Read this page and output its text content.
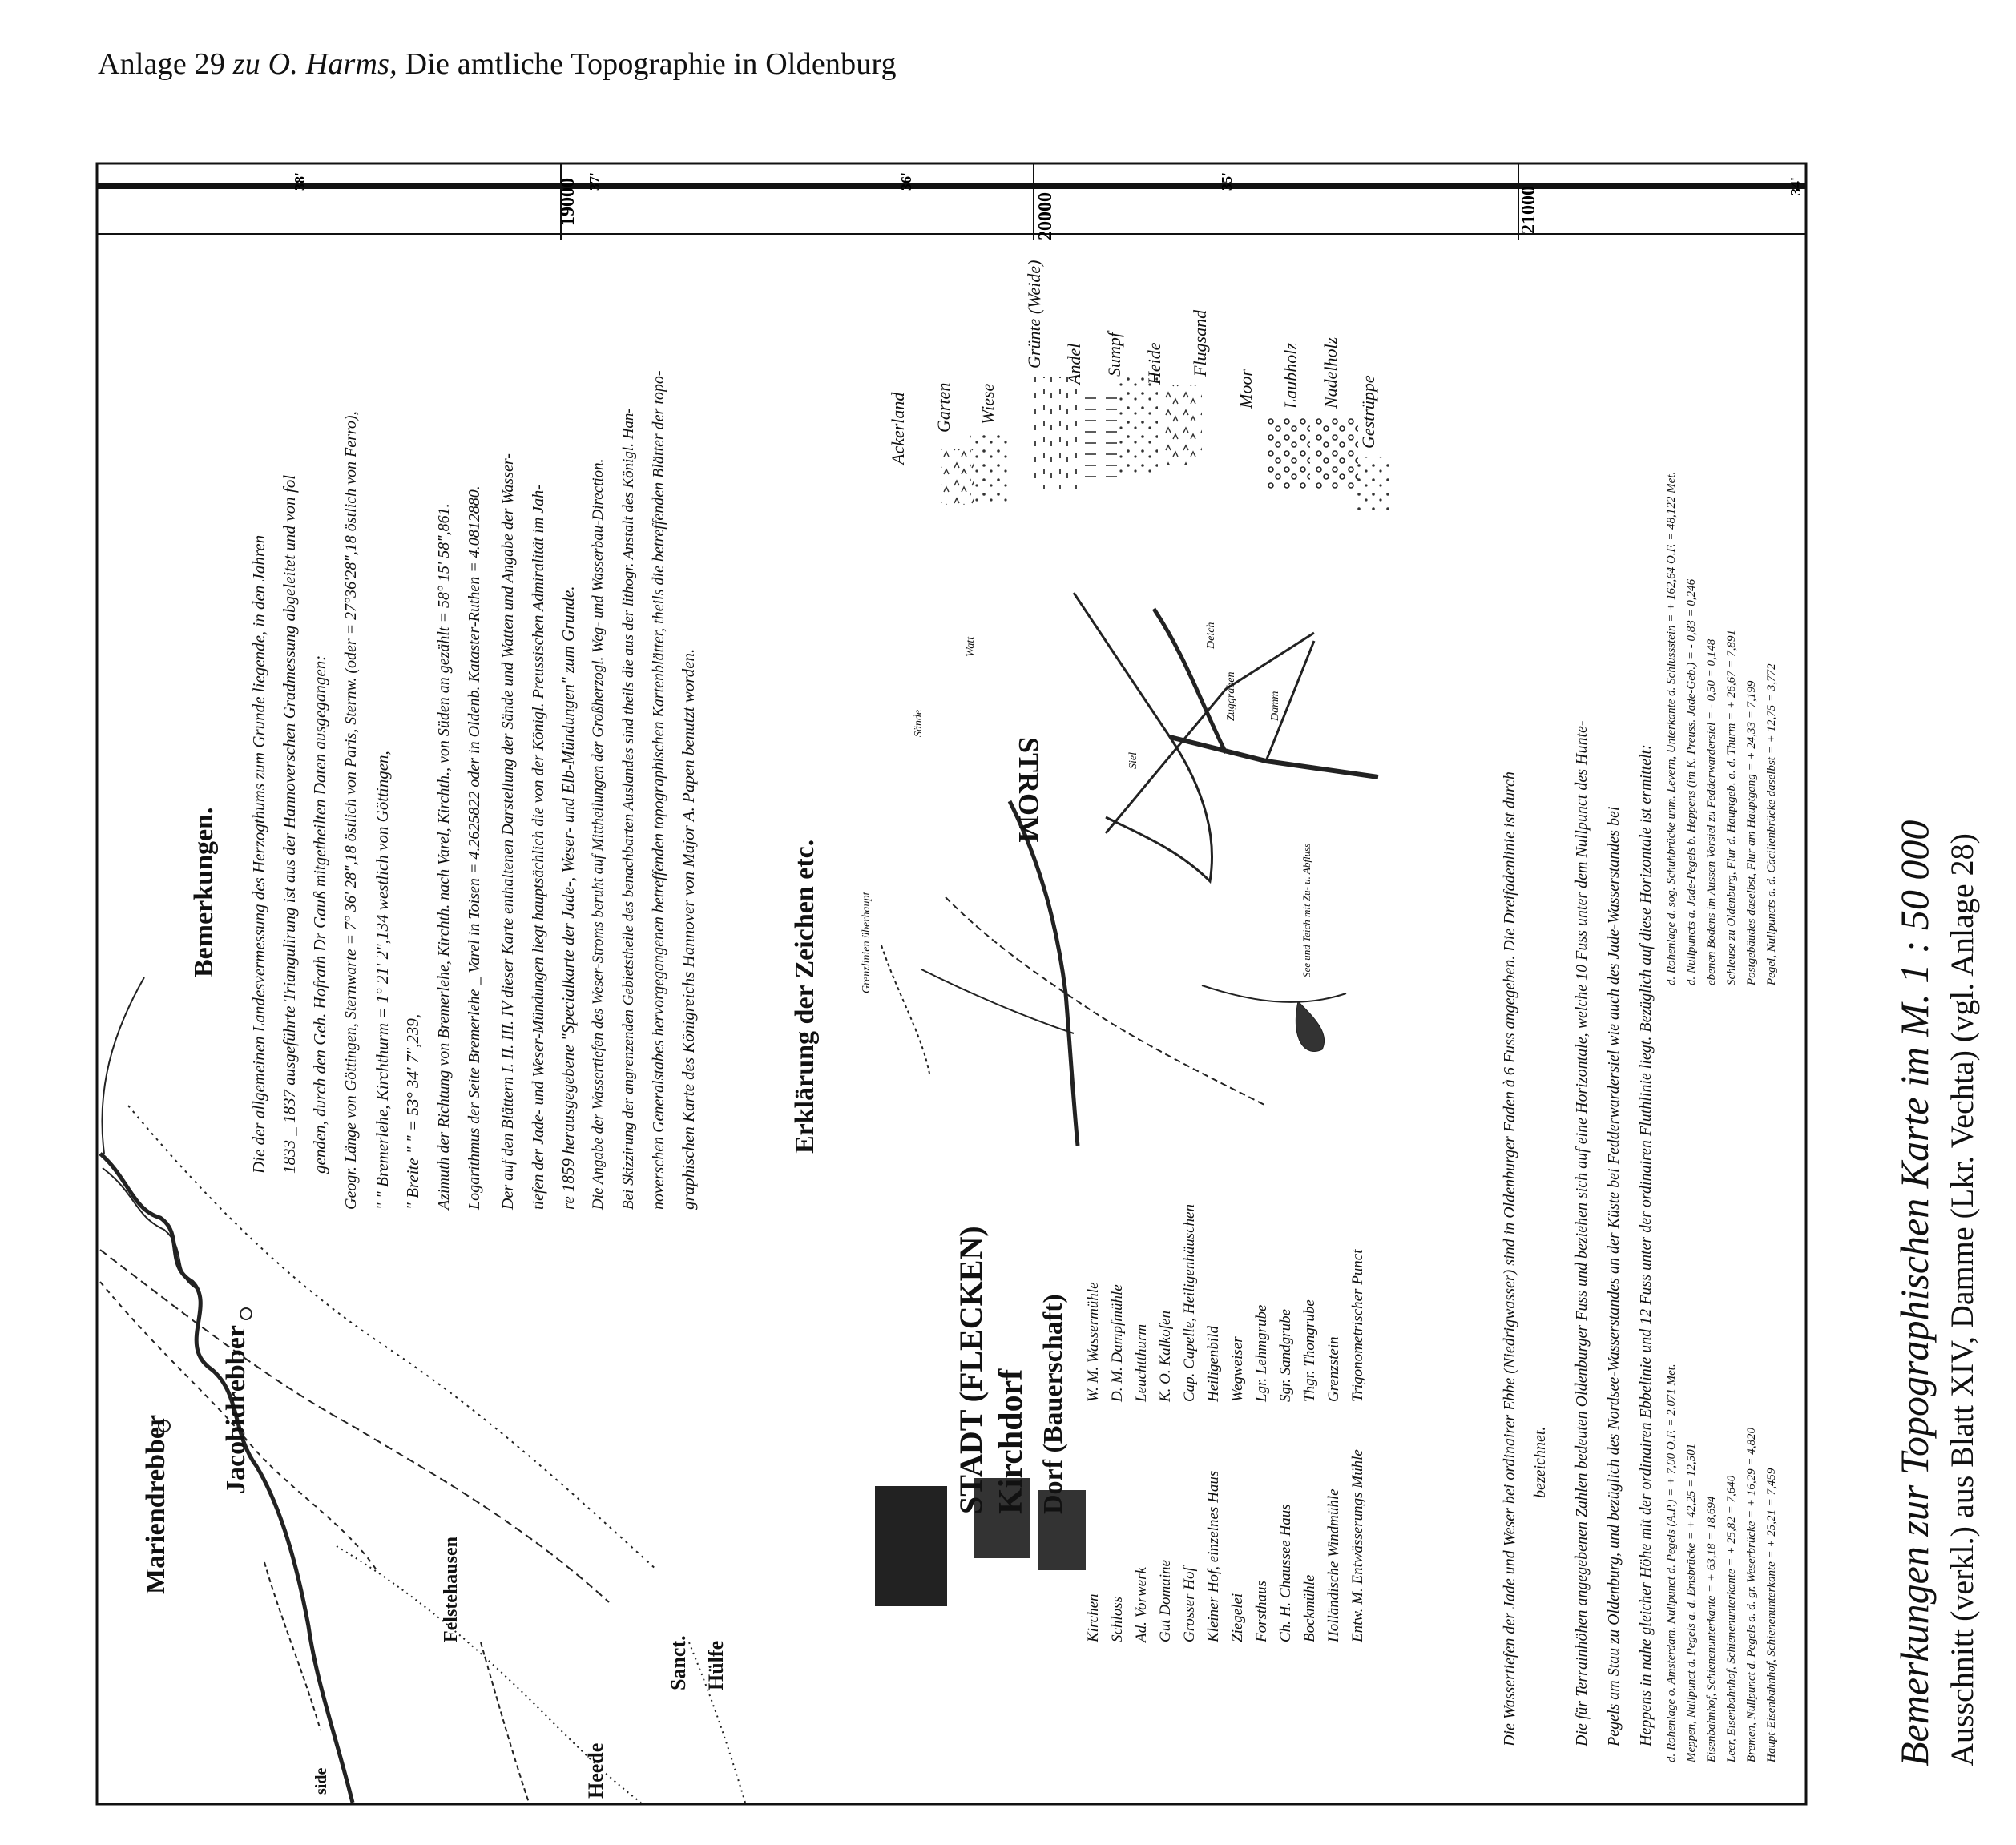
Anlage 29 zu O. Harms, Die amtliche Topographie in Oldenburg
38'	37'	36'	35'	34'
19000	20000	21000
Mariendrebber
Jacobidrebber
Felstehausen
Sanct. Hülfe
Heede
side
Bemerkungen. Die der allgemeinen Landesvermessung des Herzogthums zum Grunde liegende, in den Jahren 1833 _ 1837 ausgeführte Triangulirung ist aus der Hannoverschen Gradmessung abgeleitet und von fol genden, durch den Geh. Hofrath Dr Gauß mitgetheilten Daten ausgegangen: Geogr. Länge von Göttingen, Sternwarte = 7° 36' 28",18 östlich von Paris, Sternw. (oder = 27°36'28",18 östlich von Ferro), " " Bremerlehe, Kirchthurm = 1° 21' 2",134 westlich von Göttingen, " Breite " " = 53° 34' 7",239, Azimuth der Richtung von Bremerlehe, Kirchth. nach Varel, Kirchth., von Süden an gezählt = 58° 15' 58",861. Logarithmus der Seite Bremerlehe _ Varel in Toisen = 4.2625822 oder in Oldenb. Kataster-Ruthen = 4.0812880. Der auf den Blättern I. II. III. IV dieser Karte enthaltenen Darstellung der Sände und Watten und Angabe der Wasser- tiefen der Jade- und Weser-Mündungen liegt hauptsächlich die von der Königl. Preussischen Admiralität im Jah- re 1859 herausgegebene "Specialkarte der Jade-, Weser- und Elb-Mündungen" zum Grunde. Die Angabe der Wassertiefen des Weser-Stroms beruht auf Mittheilungen der Großherzogl. Weg- und Wasserbau-Direction. Bei Skizzirung der angrenzenden Gebietstheile des benachbarten Auslandes sind theils die aus der lithogr. Anstalt des Königl. Han- noverschen Generalstabes hervorgegangenen betreffenden topographischen Kartenblätter, theils die betreffenden Blätter der topo- graphischen Karte des Königreichs Hannover von Major A. Papen benutzt worden.	Erklärung der Zeichen etc.
STADT (FLECKEN) Kirchdorf Dorf (Bauerschaft)
Kirchen Schloss Ad. Vorwerk Gut Domaine Grosser Hof Kleiner Hof, einzelnes Haus Ziegelei Forsthaus Ch. H. Chaussee Haus Bockmühle Holländische Windmühle Entw. M. Entwässerungs Mühle
W. M. Wassermühle D. M. Dampfmühle Leuchtthurm K. O. Kalkofen Cap. Capelle, Heiligenhäuschen Heiligenbild Wegweiser Lgr. Lehmgrube Sgr. Sandgrube Thgr. Thongrube Grenzstein Trigonometrischer Punct
Ackerland Garten Wiese
Grünte (Weide) Andel Sumpf Heide Flugsand
Moor Laubholz Nadelholz
Gestrüppe
STROM
Sände
Watt	Deich
Siel
Grenzlinien überhaupt	See und Teich mit Zu- u. Abfluss
Damm
Zuggraben
Die Wassertiefen der Jade und Weser bei ordinairer Ebbe (Niedrigwasser) sind in Oldenburger Faden à 6 Fuss angegeben. Die Dreifadenlinie ist durch bezeichnet. Die für Terrainhöhen angegebenen Zahlen bedeuten Oldenburger Fuss und beziehen sich auf eine Horizontale, welche 10 Fuss unter dem Nullpunct des Hunte- Pegels am Stau zu Oldenburg, und bezüglich des Nordsee-Wasserstandes an der Küste bei Fedderwardersiel wie auch des Jade-Wasserstandes bei Heppens in nahe gleicher Höhe mit der ordinairen Ebbelinie und 12 Fuss unter der ordinairen Fluthlinie liegt. Bezüglich auf diese Horizontale ist ermittelt: d. Rohenlage o. Amsterdam. Nullpunct d. Pegels (A.P.) = + 7,00 O.F. = 2.071 Met.
Meppen, Nullpunct d. Pegels a. d. Emsbrücke = + 42,25 = 12,501
Eisenbahnhof, Schienenunterkante = + 63,18 = 18,694
Leer, Eisenbahnhof, Schienenunterkante = + 25,82 = 7,640
Bremen, Nullpunct d. Pegels a. d. gr. Weserbrücke = + 16,29 = 4,820
Haupt-Eisenbahnhof, Schienenunterkante = + 25,21 = 7,459
d. Rohenlage d. sog. Schuhbrücke unm. Levern, Unterkante d. Schlussstein = + 162,64 O.F. = 48,122 Met.
d. Nullpuncts a. Jade-Pegels b. Heppens (im K. Preuss. Jade-Geb.) = - 0,83 = 0,246
ebenen Bodens im Aussen Vorsiel zu Fedderwardersiel = - 0,50 = 0,148
Schleuse zu Oldenburg, Flur d. Hauptgeb. a. d. Thurm = + 26,67 = 7,891
Postgebäudes daselbst, Flur am Hauptgang = + 24,33 = 7,199
Pegel, Nullpuncts a. d. Cäcilienbrücke daselbst = + 12,75 = 3,772
Bemerkungen zur Topographischen Karte im M. 1 : 50 000 Ausschnitt (verkl.) aus Blatt XIV, Damme (Lkr. Vechta) (vgl. Anlage 28)
